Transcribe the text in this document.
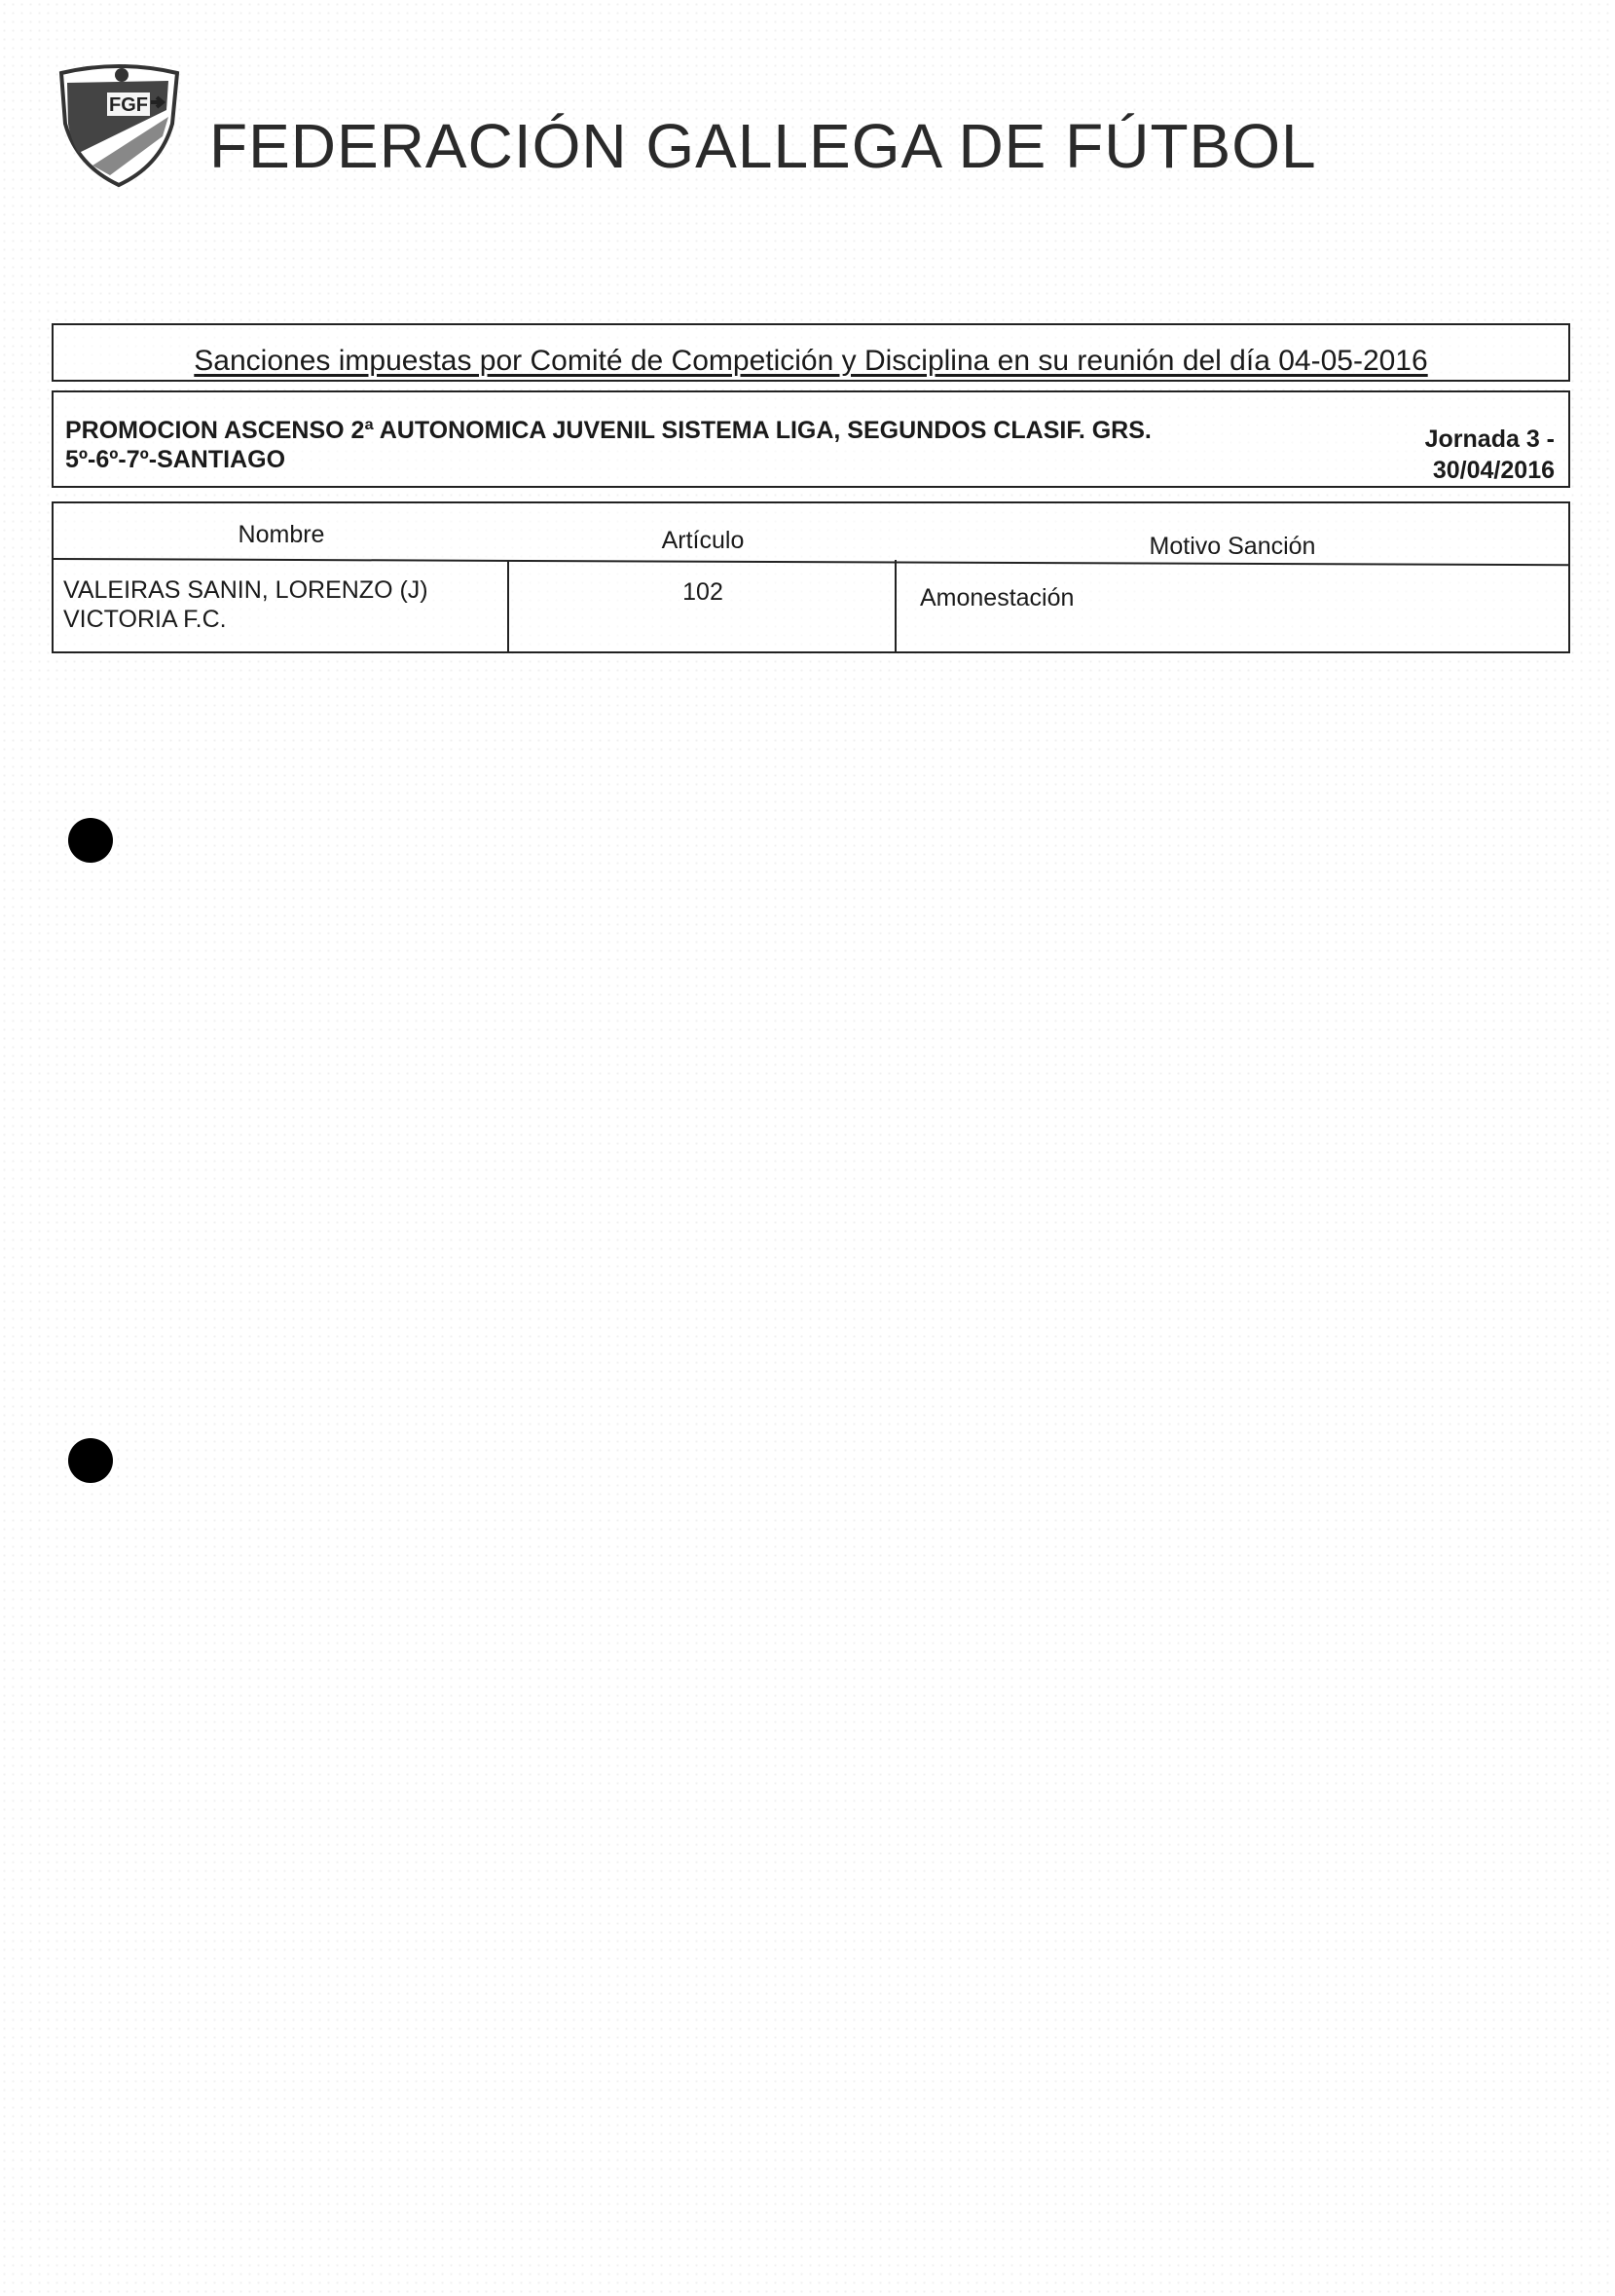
FGF
FEDERACIÓN GALLEGA DE FÚTBOL
Sanciones impuestas por Comité de Competición y Disciplina en su reunión del día 04-05-2016
PROMOCION ASCENSO 2ª AUTONOMICA JUVENIL SISTEMA LIGA, SEGUNDOS CLASIF. GRS.
5º-6º-7º-SANTIAGO
Jornada 3 -
30/04/2016
Nombre	Artículo	Motivo Sanción
VALEIRAS SANIN, LORENZO (J)
VICTORIA F.C.
102	Amonestación
